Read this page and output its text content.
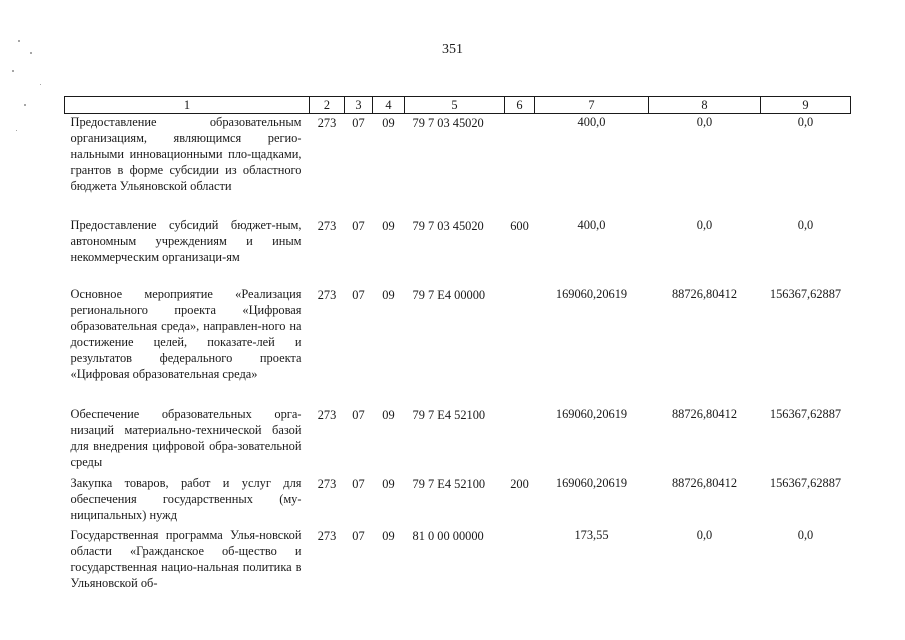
351
1	2	3	4	5	6	7	8	9
Предоставление образовательным организациям, являющимся регио-нальными инновационными пло-щадками, грантов в форме субсидии из областного бюджета Ульяновской области	273	07	09	79 7 03 45020		400,0	0,0	0,0
Предоставление субсидий бюджет-ным, автономным учреждениям и иным некоммерческим организаци-ям	273	07	09	79 7 03 45020	600	400,0	0,0	0,0
Основное мероприятие «Реализация регионального проекта «Цифровая образовательная среда», направлен-ного на достижение целей, показате-лей и результатов федерального проекта «Цифровая образовательная среда»	273	07	09	79 7 E4 00000		169060,20619	88726,80412	156367,62887
Обеспечение образовательных орга-низаций материально-технической базой для внедрения цифровой обра-зовательной среды	273	07	09	79 7 E4 52100		169060,20619	88726,80412	156367,62887
Закупка товаров, работ и услуг для обеспечения государственных (му-ниципальных) нужд	273	07	09	79 7 E4 52100	200	169060,20619	88726,80412	156367,62887
Государственная программа Улья-новской области «Гражданское об-щество и государственная нацио-нальная политика в Ульяновской об-	273	07	09	81 0 00 00000		173,55	0,0	0,0
